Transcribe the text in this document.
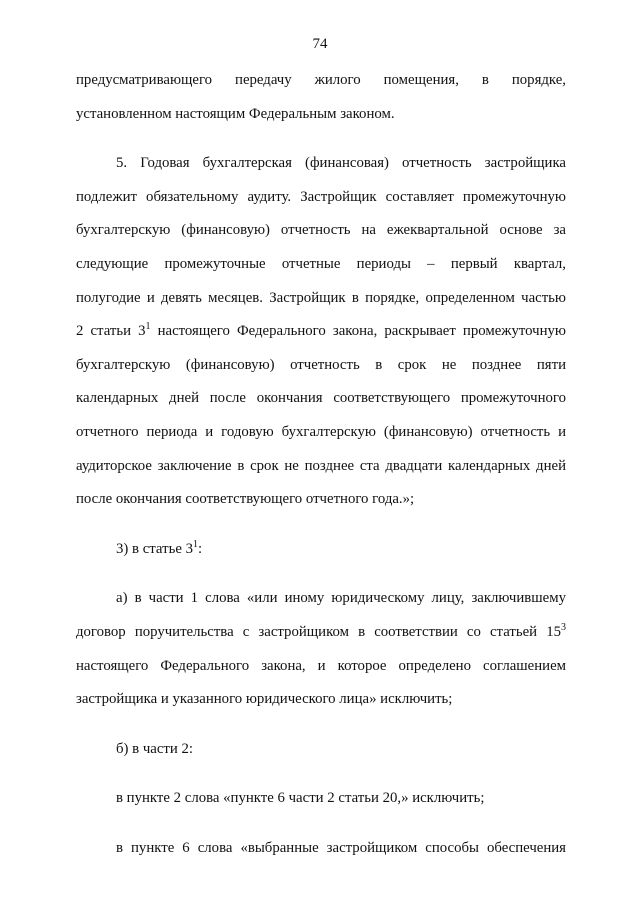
74
предусматривающего передачу жилого помещения, в порядке,
установленном настоящим Федеральным законом.
5. Годовая бухгалтерская (финансовая) отчетность застройщика
подлежит обязательному аудиту. Застройщик составляет промежуточную
бухгалтерскую (финансовую) отчетность на ежеквартальной основе за
следующие промежуточные отчетные периоды – первый квартал,
полугодие и девять месяцев. Застройщик в порядке, определенном частью
2 статьи $3^1$ настоящего Федерального закона, раскрывает промежуточную
бухгалтерскую (финансовую) отчетность в срок не позднее пяти
календарных дней после окончания соответствующего промежуточного
отчетного периода и годовую бухгалтерскую (финансовую) отчетность и
аудиторское заключение в срок не позднее ста двадцати календарных дней
после окончания соответствующего отчетного года.»;
3) в статье $3^1$:
а) в части 1 слова «или иному юридическому лицу, заключившему
договор поручительства с застройщиком в соответствии со статьей $15^3$
настоящего Федерального закона, и которое определено соглашением
застройщика и указанного юридического лица» исключить;
б) в части 2:
в пункте 2 слова «пункте 6 части 2 статьи 20,» исключить;
в пункте 6 слова «выбранные застройщиком способы обеспечения
